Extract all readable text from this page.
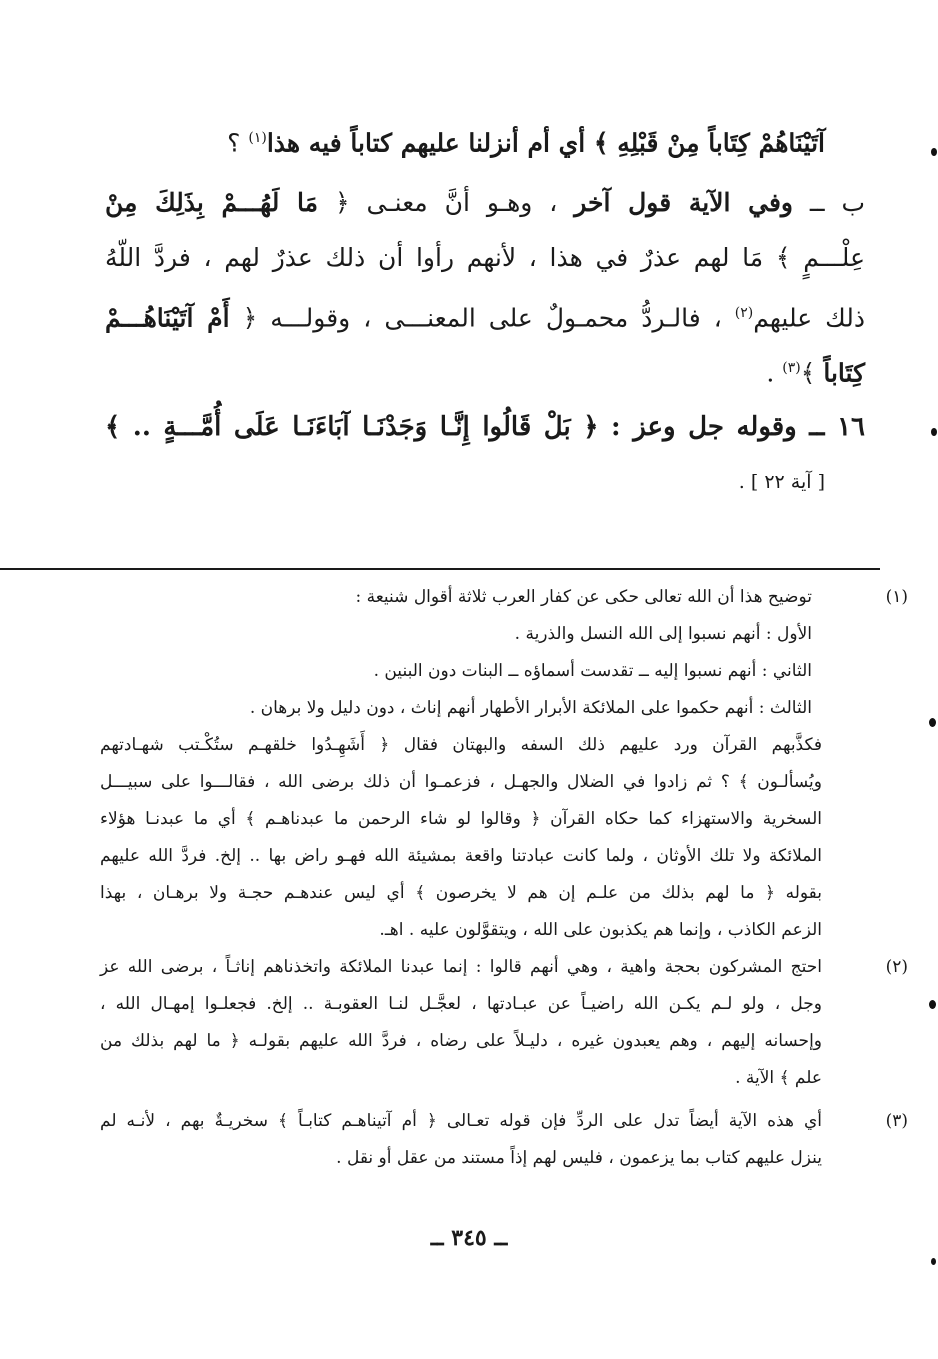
آتَيْنَاهُمْ كِتَاباً مِنْ قَبْلِهِ ﴾ أي أم أنزلنا عليهم كتاباً فيه هذا$^{(١)}$ ؟
ب ــ وفي الآية قول آخر ، وهـو أنَّ معنـى ﴿ مَا لَهُـــمْ بِذَلِكَ مِنْ
عِلْـــمٍ ﴾ مَا لهم عذرٌ في هذا ، لأنهم رأوا أن ذلك عذرٌ لهم ، فردَّ اللّهُ
ذلك عليهم$^{(٢)}$ ، فالـردُّ محمـولٌ على المعنـــى ، وقولـــه ﴿ أَمْ آتَيْنَاهُـــمْ
كِتَاباً ﴾$^{(٣)}$ .
١٦ ــ وقوله جل وعز : ﴿ بَلْ قَالُوا إِنَّـا وَجَدْنَـا آبَاءَنَـا عَلَى أُمَّـــةٍ .. ﴾
[ آية ٢٢ ] .
توضيح هذا أن الله تعالى حكى عن كفار العرب ثلاثة أقوال شنيعة :
الأول : أنهم نسبوا إلى الله النسل والذرية .
الثاني : أنهم نسبوا إليه ــ تقدست أسماؤه ــ البنات دون البنين .
الثالث : أنهم حكموا على الملائكة الأبرار الأطهار أنهم إناث ، دون دليل ولا برهان .
فكذَّبهم القرآن ورد عليهم ذلك السفه والبهتان فقال ﴿ أَشَهِـدُوا خلقهـم ستُكْـتب شهـادتهم
ويُسألـون ﴾ ؟ ثم زادوا في الضلال والجهـل ، فزعمـوا أن ذلك برضى الله ، فقالـــوا على سبيـــل
السخرية والاستهزاء كما حكاه القرآن ﴿ وقالوا لو شاء الرحمن ما عبدناهـم ﴾ أي ما عبدنـا هؤلاء
الملائكة ولا تلك الأوثان ، ولما كانت عبادتنا واقعة بمشيئة الله فهـو راض بها .. إلخ. فردَّ الله عليهم
بقوله ﴿ ما لهم بذلك من علـم إن هم لا يخرصون ﴾ أي ليس عندهـم حجـة ولا برهـان ، بهذا
الزعم الكاذب ، وإنما هم يكذبون على الله ، ويتقوَّلون عليه . اهـ.
احتج المشركون بحجة واهية ، وهي أنهم قالوا : إنما عبدنا الملائكة واتخذناهم إناثـاً ، برضى الله عز
وجل ، ولو لـم يكـن الله راضيـاً عن عبـادتها ، لعجَّـل لنـا العقوبـة .. إلخ. فجعلـوا إمهـال الله ،
وإحسانه إليهم ، وهم يعبدون غيره ، دليـلاً على رضاه ، فردَّ الله عليهم بقولـه ﴿ ما لهم بذلك من
علم ﴾ الآية .
أي هذه الآية أيضاً تدل على الردِّ فإن قوله تعـالى ﴿ أم آتيناهـم كتابـاً ﴾ سخريـةٌ بهم ، لأنـه لم
ينزل عليهم كتاب بما يزعمون ، فليس لهم إذاً مستند من عقل أو نقل .
(١)
(٢)
(٣)
ــ ٣٤٥ ــ
